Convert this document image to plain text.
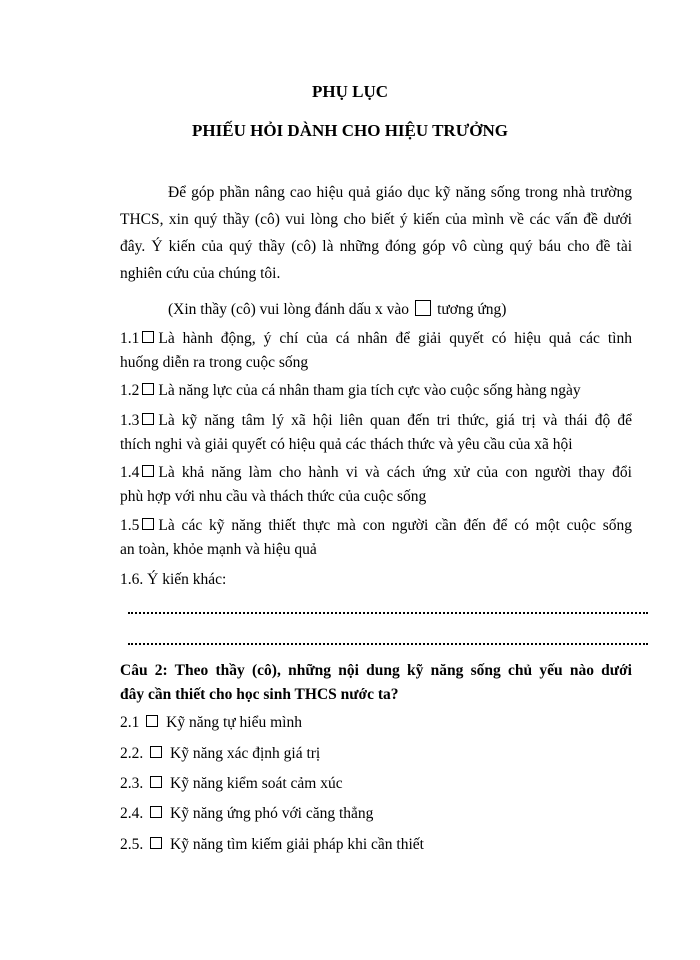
PHỤ LỤC
PHIẾU HỎI DÀNH CHO HIỆU TRƯỞNG
Để góp phần nâng cao hiệu quả giáo dục kỹ năng sống trong nhà trường THCS, xin quý thầy (cô) vui lòng cho biết ý kiến của mình về các vấn đề dưới đây. Ý kiến của quý thầy (cô) là những đóng góp vô cùng quý báu cho đề tài nghiên cứu của chúng tôi.
(Xin thầy (cô) vui lòng đánh dấu x vào tương ứng)
1.1 Là hành động, ý chí của cá nhân để giải quyết có hiệu quả các tình
huống diễn ra trong cuộc sống
1.2 Là năng lực của cá nhân tham gia tích cực vào cuộc sống hàng ngày
1.3 Là kỹ năng tâm lý xã hội liên quan đến tri thức, giá trị và thái độ để
thích nghi và giải quyết có hiệu quả các thách thức và yêu cầu của xã hội
1.4 Là khả năng làm cho hành vi và cách ứng xử của con người thay đổi
phù hợp với nhu cầu và thách thức của cuộc sống
1.5 Là các kỹ năng thiết thực mà con người cần đến để có một cuộc sống
an toàn, khỏe mạnh và hiệu quả
1.6. Ý kiến khác:
Câu 2: Theo thầy (cô), những nội dung kỹ năng sống chủ yếu nào dưới
đây cần thiết cho học sinh THCS nước ta?
2.1 Kỹ năng tự hiểu mình
2.2. Kỹ năng xác định giá trị
2.3. Kỹ năng kiểm soát cảm xúc
2.4. Kỹ năng ứng phó với căng thẳng
2.5. Kỹ năng tìm kiếm giải pháp khi cần thiết
